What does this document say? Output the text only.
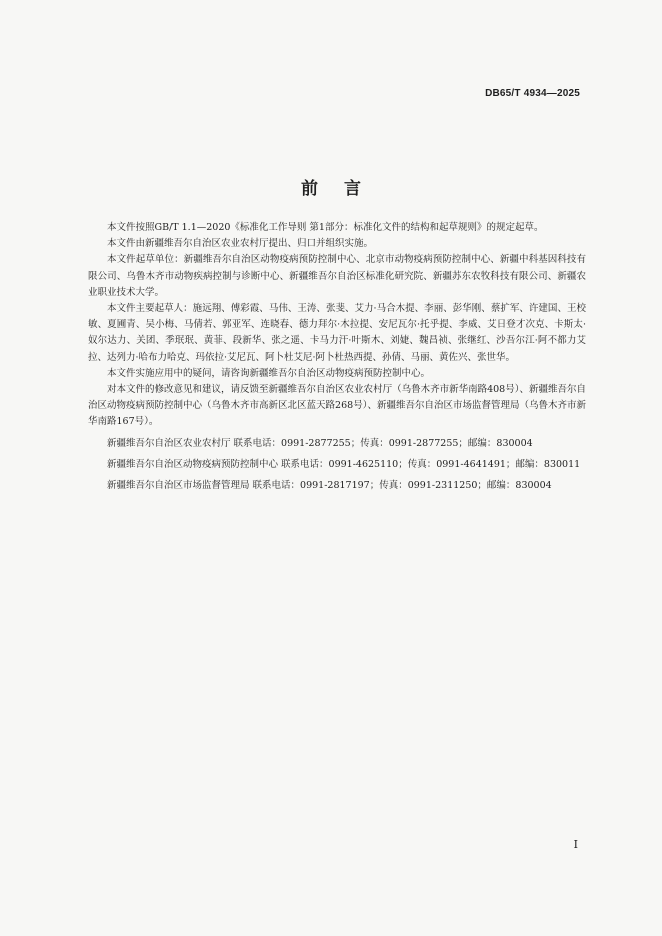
DB65/T 4934—2025
前言

本文件按照GB/T 1.1—2020《标准化工作导则 第1部分：标准化文件的结构和起草规则》的规定起草。

本文件由新疆维吾尔自治区农业农村厅提出、归口并组织实施。

本文件起草单位：新疆维吾尔自治区动物疫病预防控制中心、北京市动物疫病预防控制中心、新疆中科基因科技有限公司、乌鲁木齐市动物疾病控制与诊断中心、新疆维吾尔自治区标准化研究院、新疆苏东农牧科技有限公司、新疆农业职业技术大学。

本文件主要起草人：施远翔、傅彩霞、马伟、王涛、张斐、艾力·马合木提、李丽、彭华刚、蔡扩军、许建国、王校敏、夏圃青、吴小梅、马倩若、郭亚军、连晓春、德力拜尔·木拉提、安尼瓦尔·托乎提、李威、艾日登才次克、卡斯太·奴尔达力、关团、季珉珉、黄菲、段新华、张之遥、卡马力汗·叶斯木、刘婕、魏昌祯、张继红、沙吾尔江·阿不都力艾拉、达列力·哈布力哈克、玛依拉·艾尼瓦、阿卜杜艾尼·阿卜杜热西提、孙倩、马丽、黄佐兴、张世华。

本文件实施应用中的疑问，请咨询新疆维吾尔自治区动物疫病预防控制中心。

对本文件的修改意见和建议，请反馈至新疆维吾尔自治区农业农村厅（乌鲁木齐市新华南路408号）、新疆维吾尔自治区动物疫病预防控制中心（乌鲁木齐市高新区北区蓝天路268号）、新疆维吾尔自治区市场监督管理局（乌鲁木齐市新华南路167号）。

新疆维吾尔自治区农业农村厅 联系电话：0991-2877255；传真：0991-2877255；邮编：830004

新疆维吾尔自治区动物疫病预防控制中心 联系电话：0991-4625110；传真：0991-4641491；邮编：830011

新疆维吾尔自治区市场监督管理局 联系电话：0991-2817197；传真：0991-2311250；邮编：830004

I
